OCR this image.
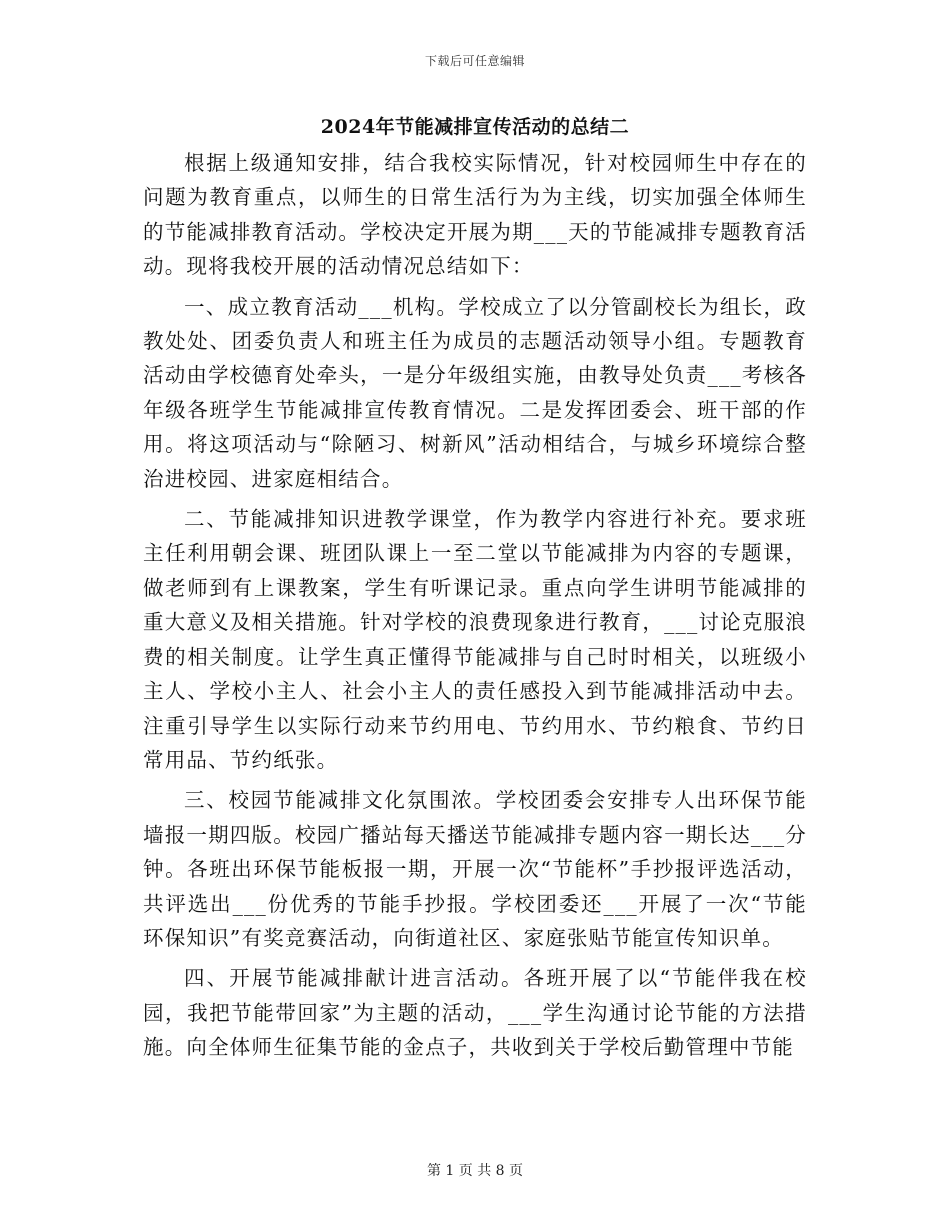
下载后可任意编辑
2024年节能减排宣传活动的总结二

根据上级通知安排，结合我校实际情况，针对校园师生中存在的问题为教育重点，以师生的日常生活行为为主线，切实加强全体师生的节能减排教育活动。学校决定开展为期___天的节能减排专题教育活动。现将我校开展的活动情况总结如下：

一、成立教育活动___机构。学校成立了以分管副校长为组长，政教处处、团委负责人和班主任为成员的志题活动领导小组。专题教育活动由学校德育处牵头，一是分年级组实施，由教导处负责___考核各年级各班学生节能减排宣传教育情况。二是发挥团委会、班干部的作用。将这项活动与“除陋习、树新风”活动相结合，与城乡环境综合整治进校园、进家庭相结合。

二、节能减排知识进教学课堂，作为教学内容进行补充。要求班主任利用朝会课、班团队课上一至二堂以节能减排为内容的专题课，做老师到有上课教案，学生有听课记录。重点向学生讲明节能减排的重大意义及相关措施。针对学校的浪费现象进行教育，___讨论克服浪费的相关制度。让学生真正懂得节能减排与自己时时相关，以班级小主人、学校小主人、社会小主人的责任感投入到节能减排活动中去。注重引导学生以实际行动来节约用电、节约用水、节约粮食、节约日常用品、节约纸张。

三、校园节能减排文化氛围浓。学校团委会安排专人出环保节能墙报一期四版。校园广播站每天播送节能减排专题内容一期长达___分钟。各班出环保节能板报一期，开展一次“节能杯”手抄报评选活动，共评选出___份优秀的节能手抄报。学校团委还___开展了一次“节能环保知识”有奖竞赛活动，向街道社区、家庭张贴节能宣传知识单。

四、开展节能减排献计进言活动。各班开展了以“节能伴我在校园，我把节能带回家”为主题的活动，___学生沟通讨论节能的方法措施。向全体师生征集节能的金点子，共收到关于学校后勤管理中节能

第 1 页 共 8 页
